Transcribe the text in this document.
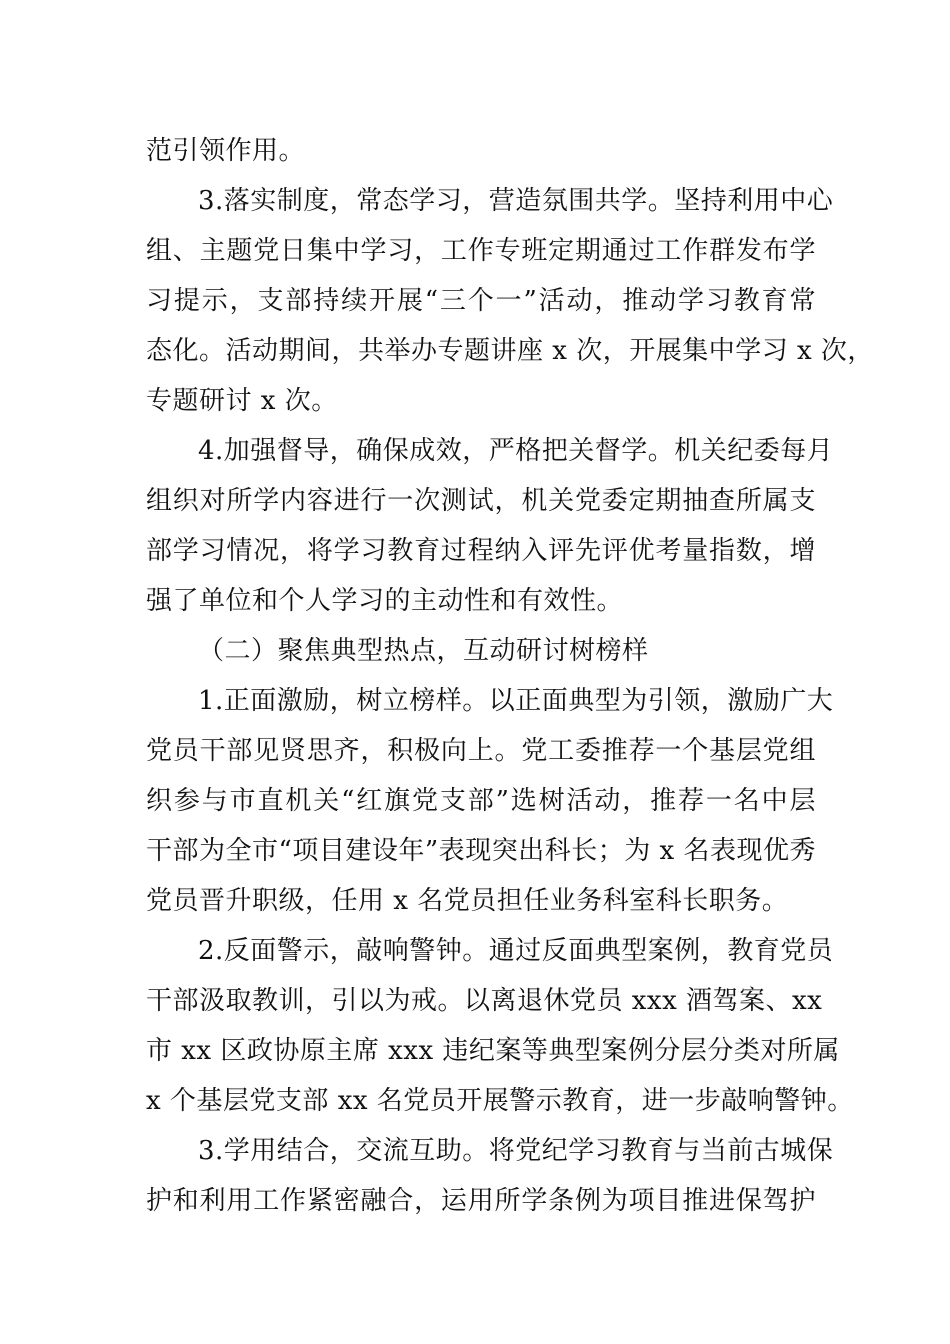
范引领作用。
3.落实制度，常态学习，营造氛围共学。坚持利用中心
组、主题党日集中学习，工作专班定期通过工作群发布学
习提示，支部持续开展“三个一”活动，推动学习教育常
态化。活动期间，共举办专题讲座 x 次，开展集中学习 x 次，
专题研讨 x 次。
4.加强督导，确保成效，严格把关督学。机关纪委每月
组织对所学内容进行一次测试，机关党委定期抽查所属支
部学习情况，将学习教育过程纳入评先评优考量指数，增
强了单位和个人学习的主动性和有效性。
（二）聚焦典型热点，互动研讨树榜样
1.正面激励，树立榜样。以正面典型为引领，激励广大
党员干部见贤思齐，积极向上。党工委推荐一个基层党组
织参与市直机关“红旗党支部”选树活动，推荐一名中层
干部为全市“项目建设年”表现突出科长；为 x 名表现优秀
党员晋升职级，任用 x 名党员担任业务科室科长职务。
2.反面警示，敲响警钟。通过反面典型案例，教育党员
干部汲取教训，引以为戒。以离退休党员 xxx 酒驾案、xx
市 xx 区政协原主席 xxx 违纪案等典型案例分层分类对所属
x 个基层党支部 xx 名党员开展警示教育，进一步敲响警钟。
3.学用结合，交流互助。将党纪学习教育与当前古城保
护和利用工作紧密融合，运用所学条例为项目推进保驾护
